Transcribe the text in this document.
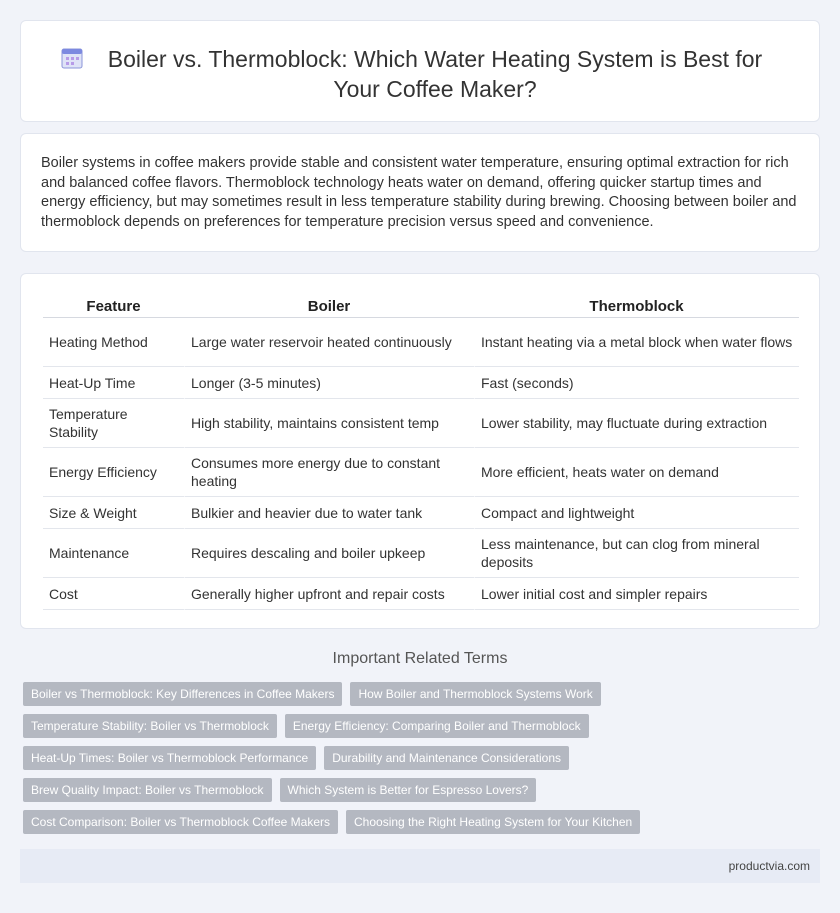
Boiler vs. Thermoblock: Which Water Heating System is Best for Your Coffee Maker?

Boiler systems in coffee makers provide stable and consistent water temperature, ensuring optimal extraction for rich and balanced coffee flavors. Thermoblock technology heats water on demand, offering quicker startup times and energy efficiency, but may sometimes result in less temperature stability during brewing. Choosing between boiler and thermoblock depends on preferences for temperature precision versus speed and convenience.

Feature	Boiler	Thermoblock
Heating Method	Large water reservoir heated continuously	Instant heating via a metal block when water flows
Heat-Up Time	Longer (3-5 minutes)	Fast (seconds)
Temperature Stability	High stability, maintains consistent temp	Lower stability, may fluctuate during extraction
Energy Efficiency	Consumes more energy due to constant heating	More efficient, heats water on demand
Size & Weight	Bulkier and heavier due to water tank	Compact and lightweight
Maintenance	Requires descaling and boiler upkeep	Less maintenance, but can clog from mineral deposits
Cost	Generally higher upfront and repair costs	Lower initial cost and simpler repairs
Important Related Terms
Boiler vs Thermoblock: Key Differences in Coffee Makers	How Boiler and Thermoblock Systems Work
Temperature Stability: Boiler vs Thermoblock	Energy Efficiency: Comparing Boiler and Thermoblock
Heat-Up Times: Boiler vs Thermoblock Performance	Durability and Maintenance Considerations
Brew Quality Impact: Boiler vs Thermoblock	Which System is Better for Espresso Lovers?
Cost Comparison: Boiler vs Thermoblock Coffee Makers	Choosing the Right Heating System for Your Kitchen
productvia.com
